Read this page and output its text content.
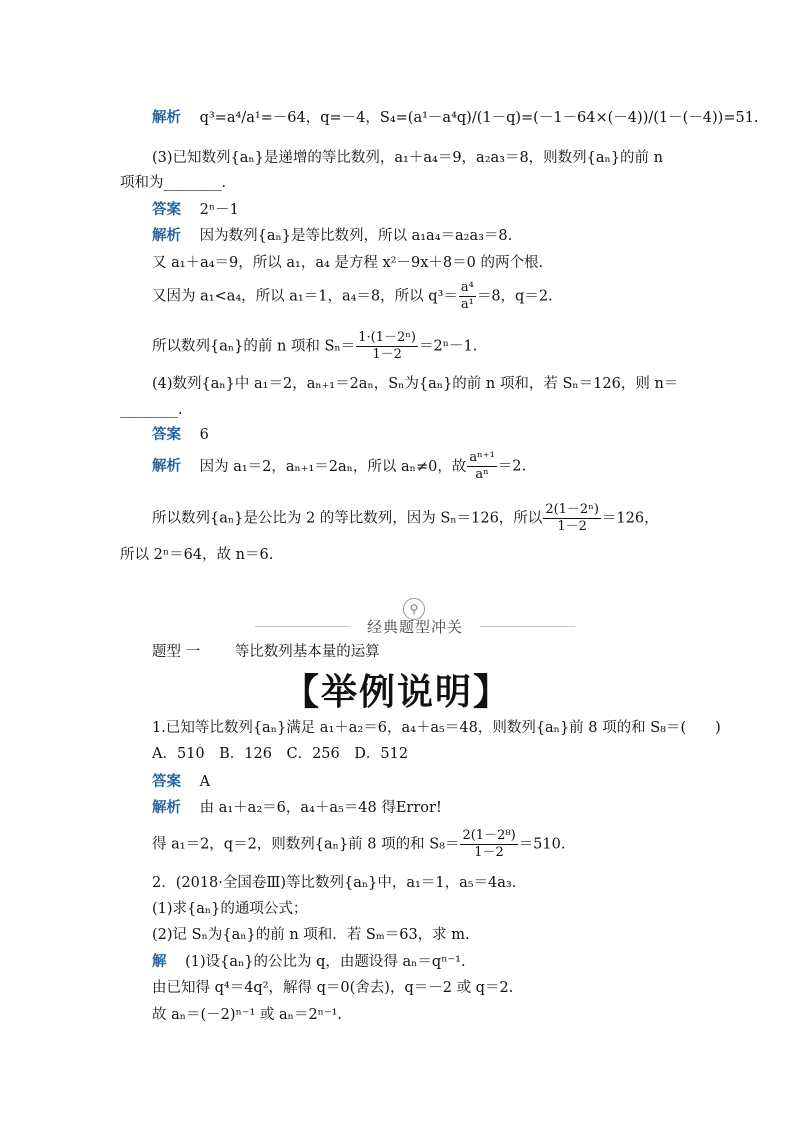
解析 q³=a⁴/a¹=－64，q=－4，S₄=(a¹－a⁴q)/(1－q)=(－1－64×(－4))/(1－(－4))=51.
(3)已知数列{aₙ}是递增的等比数列，a₁＋a₄＝9，a₂a₃＝8，则数列{aₙ}的前 n
项和为________.
答案 2ⁿ－1
解析 因为数列{aₙ}是等比数列，所以 a₁a₄＝a₂a₃＝8.
又 a₁＋a₄＝9，所以 a₁，a₄ 是方程 x²－9x＋8＝0 的两个根.
又因为 a₁<a₄，所以 a₁＝1，a₄＝8，所以 $q^3= \frac{\text{a⁴}}{\text{a¹}} =8$，q＝2.
所以数列{aₙ}的前 n 项和 $S_n= \frac{\text{1·(1－2ⁿ)}}{1-2} =2^n-1$.
(4)数列{aₙ}中 a₁＝2，aₙ₊₁＝2aₙ，Sₙ为{aₙ}的前 n 项和，若 Sₙ＝126，则 n＝
________.
答案 6
解析 因为 a₁＝2，aₙ₊₁＝2aₙ，所以 aₙ≠0，故 $\frac{\text{aⁿ⁺¹}}{\text{aⁿ}} =2$.
所以数列{aₙ}是公比为 2 的等比数列，因为 Sₙ＝126，所以 $\frac{\text{2(1－2ⁿ)}}{1-2} =126$，
所以 2ⁿ＝64，故 n＝6.
⚲
经典题型冲关
题型 一 等比数列基本量的运算
【举例说明】
1.已知等比数列{aₙ}满足 a₁＋a₂＝6，a₄＋a₅＝48，则数列{aₙ}前 8 项的和 S₈＝(　　)
A．510　B．126　C．256　D．512
答案 A
解析 由 a₁＋a₂＝6，a₄＋a₅＝48 得Error!
得 a₁＝2，q＝2，则数列{aₙ}前 8 项的和 $S_8= \frac{\text{2(1－2⁸)}}{1-2} =510$.
2．(2018·全国卷Ⅲ)等比数列{aₙ}中，a₁＝1，a₅＝4a₃.
(1)求{aₙ}的通项公式；
(2)记 Sₙ为{aₙ}的前 n 项和．若 Sₘ＝63，求 m.
解 (1)设{aₙ}的公比为 q，由题设得 aₙ＝qⁿ⁻¹.
由已知得 q⁴＝4q²，解得 q＝0(舍去)，q＝－2 或 q＝2.
故 aₙ＝(－2)ⁿ⁻¹ 或 aₙ＝2ⁿ⁻¹.
